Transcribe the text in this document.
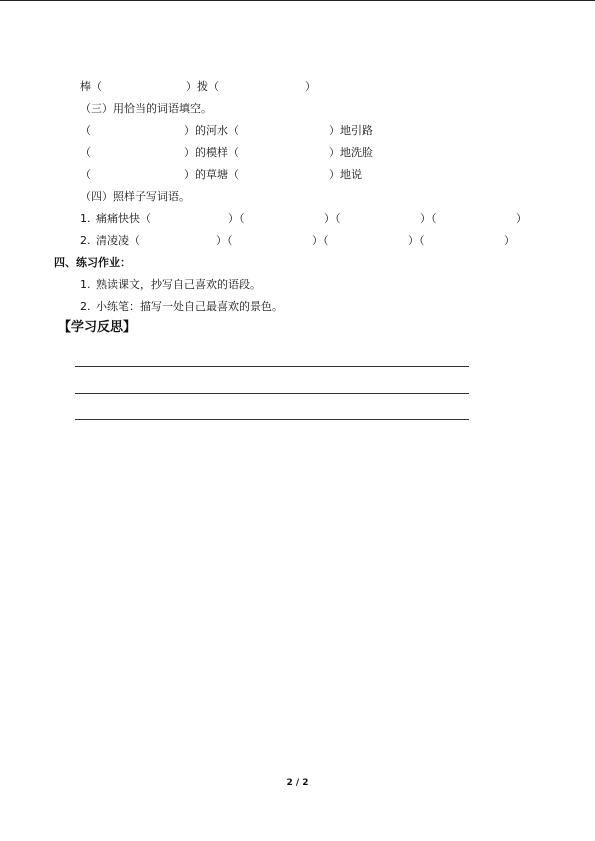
棒（	）拨（	）
（三）用恰当的词语填空。
（	）的河水（	）地引路
（	）的模样（	）地洗脸
（	）的草塘（	）地说
（四）照样子写词语。
1. 痛痛快快（	）（	）（	）（	）
2. 清凌凌（	）（	）（	）（	）
四、练习作业：
1. 熟读课文，抄写自己喜欢的语段。
2. 小练笔：描写一处自己最喜欢的景色。
【学习反思】
2 / 2
